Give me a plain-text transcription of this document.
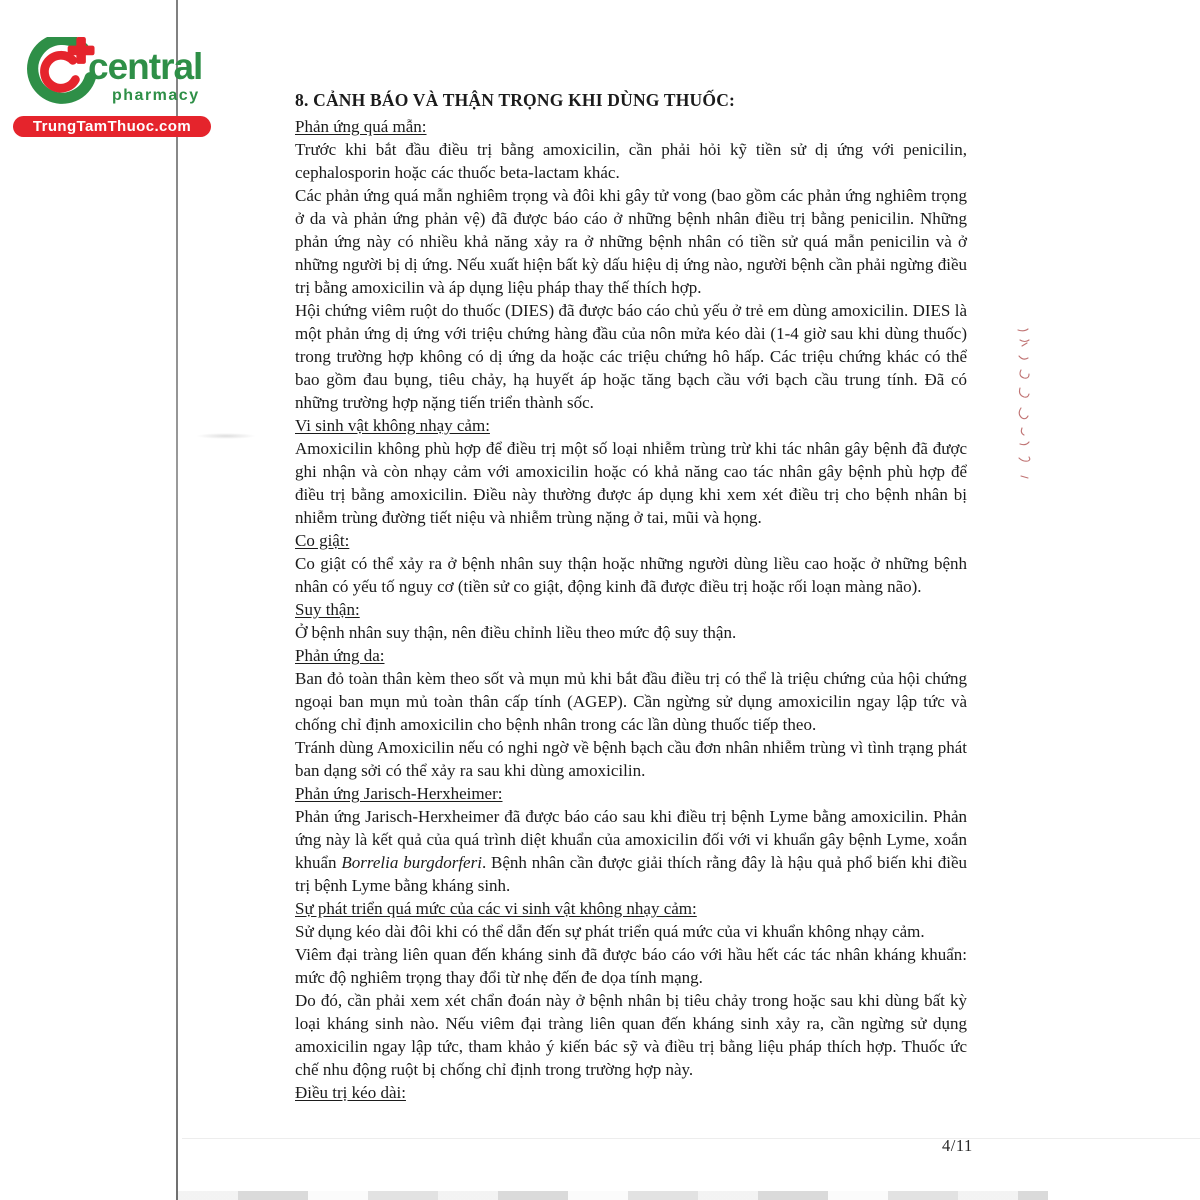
central
pharmacy
TrungTamThuoc.com
8. CẢNH BÁO VÀ THẬN TRỌNG KHI DÙNG THUỐC:

Phản ứng quá mẫn:

Trước khi bắt đầu điều trị bằng amoxicilin, cần phải hỏi kỹ tiền sử dị ứng với penicilin, cephalosporin hoặc các thuốc beta-lactam khác.

Các phản ứng quá mẫn nghiêm trọng và đôi khi gây tử vong (bao gồm các phản ứng nghiêm trọng ở da và phản ứng phản vệ) đã được báo cáo ở những bệnh nhân điều trị bằng penicilin. Những phản ứng này có nhiều khả năng xảy ra ở những bệnh nhân có tiền sử quá mẫn penicilin và ở những người bị dị ứng. Nếu xuất hiện bất kỳ dấu hiệu dị ứng nào, người bệnh cần phải ngừng điều trị bằng amoxicilin và áp dụng liệu pháp thay thế thích hợp.

Hội chứng viêm ruột do thuốc (DIES) đã được báo cáo chủ yếu ở trẻ em dùng amoxicilin. DIES là một phản ứng dị ứng với triệu chứng hàng đầu của nôn mửa kéo dài (1-4 giờ sau khi dùng thuốc) trong trường hợp không có dị ứng da hoặc các triệu chứng hô hấp. Các triệu chứng khác có thể bao gồm đau bụng, tiêu chảy, hạ huyết áp hoặc tăng bạch cầu với bạch cầu trung tính. Đã có những trường hợp nặng tiến triển thành sốc.

Vi sinh vật không nhạy cảm:

Amoxicilin không phù hợp để điều trị một số loại nhiễm trùng trừ khi tác nhân gây bệnh đã được ghi nhận và còn nhạy cảm với amoxicilin hoặc có khả năng cao tác nhân gây bệnh phù hợp để điều trị bằng amoxicilin. Điều này thường được áp dụng khi xem xét điều trị cho bệnh nhân bị nhiễm trùng đường tiết niệu và nhiễm trùng nặng ở tai, mũi và họng.

Co giật:

Co giật có thể xảy ra ở bệnh nhân suy thận hoặc những người dùng liều cao hoặc ở những bệnh nhân có yếu tố nguy cơ (tiền sử co giật, động kinh đã được điều trị hoặc rối loạn màng não).

Suy thận:

Ở bệnh nhân suy thận, nên điều chỉnh liều theo mức độ suy thận.

Phản ứng da:

Ban đỏ toàn thân kèm theo sốt và mụn mủ khi bắt đầu điều trị có thể là triệu chứng của hội chứng ngoại ban mụn mủ toàn thân cấp tính (AGEP). Cần ngừng sử dụng amoxicilin ngay lập tức và chống chỉ định amoxicilin cho bệnh nhân trong các lần dùng thuốc tiếp theo.

Tránh dùng Amoxicilin nếu có nghi ngờ về bệnh bạch cầu đơn nhân nhiễm trùng vì tình trạng phát ban dạng sởi có thể xảy ra sau khi dùng amoxicilin.

Phản ứng Jarisch-Herxheimer:

Phản ứng Jarisch-Herxheimer đã được báo cáo sau khi điều trị bệnh Lyme bằng amoxicilin. Phản ứng này là kết quả của quá trình diệt khuẩn của amoxicilin đối với vi khuẩn gây bệnh Lyme, xoắn khuẩn Borrelia burgdorferi. Bệnh nhân cần được giải thích rằng đây là hậu quả phổ biến khi điều trị bệnh Lyme bằng kháng sinh.

Sự phát triển quá mức của các vi sinh vật không nhạy cảm:

Sử dụng kéo dài đôi khi có thể dẫn đến sự phát triển quá mức của vi khuẩn không nhạy cảm.

Viêm đại tràng liên quan đến kháng sinh đã được báo cáo với hầu hết các tác nhân kháng khuẩn: mức độ nghiêm trọng thay đổi từ nhẹ đến đe dọa tính mạng.

Do đó, cần phải xem xét chẩn đoán này ở bệnh nhân bị tiêu chảy trong hoặc sau khi dùng bất kỳ loại kháng sinh nào. Nếu viêm đại tràng liên quan đến kháng sinh xảy ra, cần ngừng sử dụng amoxicilin ngay lập tức, tham khảo ý kiến bác sỹ và điều trị bằng liệu pháp thích hợp. Thuốc ức chế nhu động ruột bị chống chỉ định trong trường hợp này.

Điều trị kéo dài:

4/11
